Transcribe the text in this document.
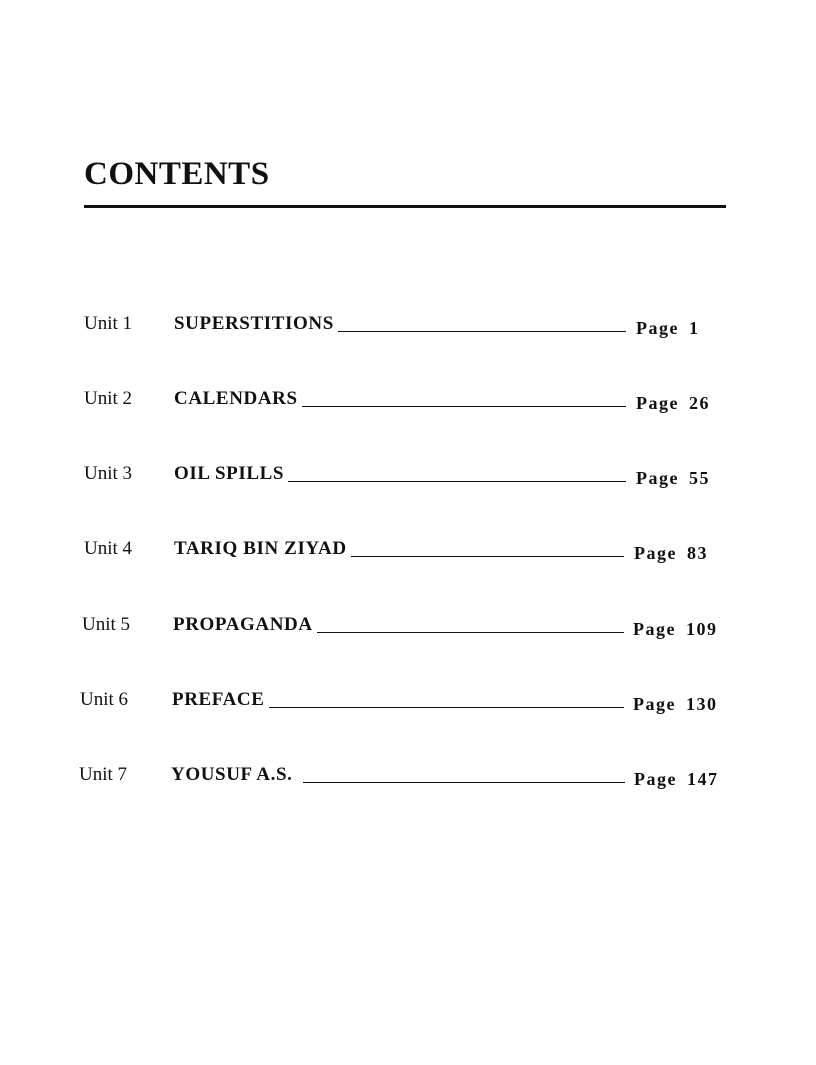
CONTENTS
Unit 1 SUPERSTITIONS	Page 1
Unit 2 CALENDARS	Page 26
Unit 3 OIL SPILLS	Page 55
Unit 4 TARIQ BIN ZIYAD	Page 83
Unit 5 PROPAGANDA	Page 109
Unit 6 PREFACE	Page 130
Unit 7 YOUSUF A.S.	Page 147
